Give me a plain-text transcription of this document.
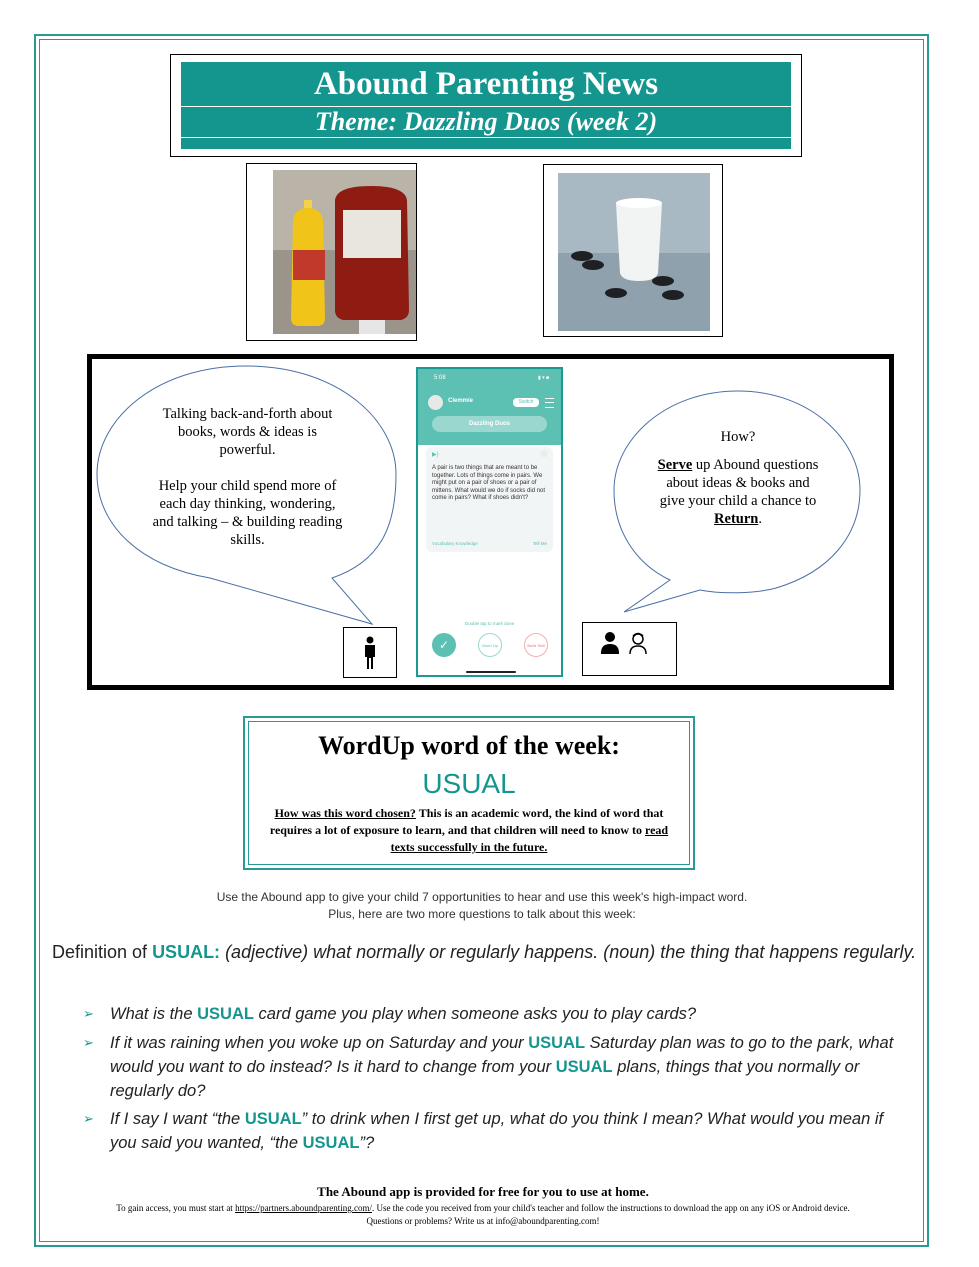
Abound Parenting News
Theme: Dazzling Duos (week 2)
Talking back-and-forth about books, words & ideas is powerful.
Help your child spend more of each day thinking, wondering, and talking – & building reading skills.
How?
Serve up Abound questions about ideas & books and give your child a chance to Return.
5:08	▮ ▾ ■
Clemmie	Switch
Dazzling Duos
▶)	ⓘ
A pair is two things that are meant to be together. Lots of things come in pairs. We might put on a pair of shoes or a pair of mittens. What would we do if socks did not come in pairs? What if shoes didn't?
Vocabulary Knowledge	Tell Me
Double tap to mark done
✓	Word Up	Build Skill
WordUp word of the week:
USUAL
How was this word chosen? This is an academic word, the kind of word that requires a lot of exposure to learn, and that children will need to know to read texts successfully in the future.
Use the Abound app to give your child 7 opportunities to hear and use this week's high-impact word.
Plus, here are two more questions to talk about this week:
Definition of USUAL: (adjective) what normally or regularly happens. (noun) the thing that happens regularly.
➢ What is the USUAL card game you play when someone asks you to play cards?
➢ If it was raining when you woke up on Saturday and your USUAL Saturday plan was to go to the park, what would you want to do instead? Is it hard to change from your USUAL plans, things that you normally or regularly do?
➢ If I say I want “the USUAL” to drink when I first get up, what do you think I mean? What would you mean if you said you wanted, “the USUAL”?
The Abound app is provided for free for you to use at home.
To gain access, you must start at https://partners.aboundparenting.com/. Use the code you received from your child's teacher and follow the instructions to download the app on any iOS or Android device.
Questions or problems? Write us at info@aboundparenting.com!
